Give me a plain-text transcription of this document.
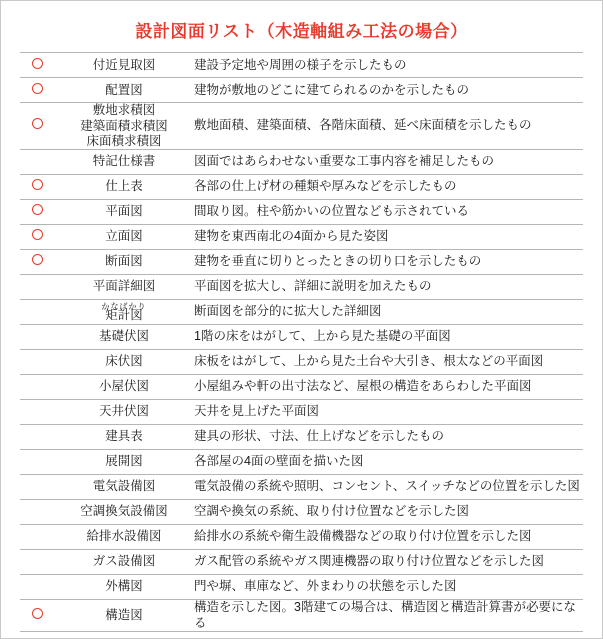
設計図面リスト（木造軸組み工法の場合）
	付近見取図	建設予定地や周囲の様子を示したもの
	配置図	建物が敷地のどこに建てられるのかを示したもの

	敷地求積図
建築面積求積図
床面積求積図	敷地面積、建築面積、各階床面積、延べ床面積を示したもの
	特記仕様書	図面ではあらわせない重要な工事内容を補足したもの
	仕上表	各部の仕上げ材の種類や厚みなどを示したもの
	平面図	間取り図。柱や筋かいの位置なども示されている
	立面図	建物を東西南北の4面から見た姿図
	断面図	建物を垂直に切りとったときの切り口を示したもの
	平面詳細図	平面図を拡大し、詳細に説明を加えたもの

	かなばかり
矩計図	断面図を部分的に拡大した詳細図
	基礎伏図	1階の床をはがして、上から見た基礎の平面図
	床伏図	床板をはがして、上から見た土台や大引き、根太などの平面図
	小屋伏図	小屋組みや軒の出寸法など、屋根の構造をあらわした平面図
	天井伏図	天井を見上げた平面図
	建具表	建具の形状、寸法、仕上げなどを示したもの
	展開図	各部屋の4面の壁面を描いた図
	電気設備図	電気設備の系統や照明、コンセント、スイッチなどの位置を示した図
	空調換気設備図	空調や換気の系統、取り付け位置などを示した図
	給排水設備図	給排水の系統や衛生設備機器などの取り付け位置を示した図
	ガス設備図	ガス配管の系統やガス関連機器の取り付け位置などを示した図
	外構図	門や塀、車庫など、外まわりの状態を示した図
	構造図	構造を示した図。3階建ての場合は、構造図と構造計算書が必要になる
